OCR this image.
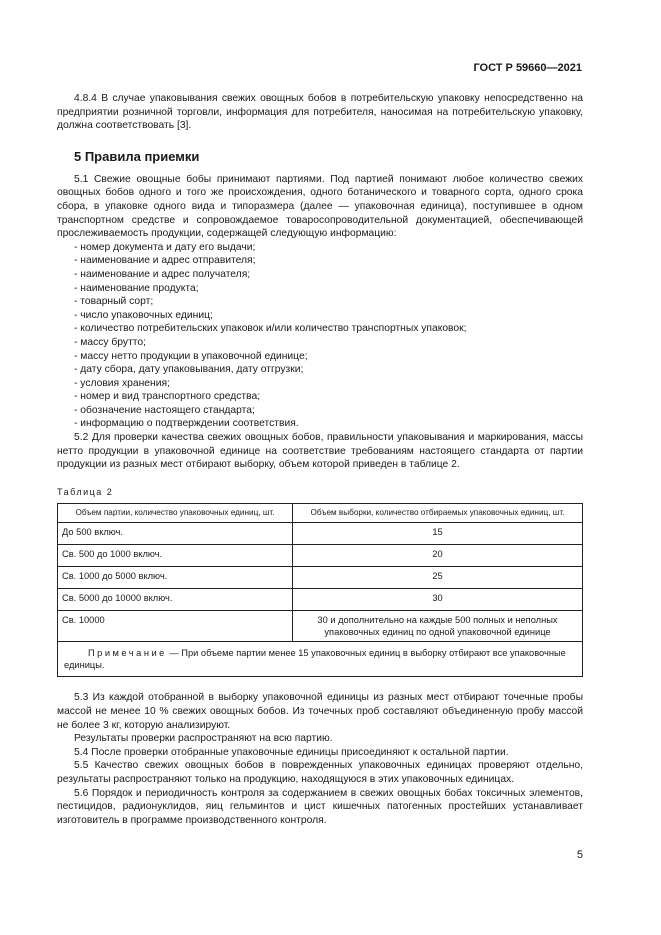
ГОСТ Р 59660—2021

4.8.4 В случае упаковывания свежих овощных бобов в потребительскую упаковку непосредственно на предприятии розничной торговли, информация для потребителя, наносимая на потребительскую упаковку, должна соответствовать [3].

5 Правила приемки

5.1 Свежие овощные бобы принимают партиями. Под партией понимают любое количество свежих овощных бобов одного и того же происхождения, одного ботанического и товарного сорта, одного срока сбора, в упаковке одного вида и типоразмера (далее — упаковочная единица), поступившее в одном транспортном средстве и сопровождаемое товаросопроводительной документацией, обеспечивающей прослеживаемость продукции, содержащей следующую информацию:

- номер документа и дату его выдачи;
- наименование и адрес отправителя;
- наименование и адрес получателя;
- наименование продукта;
- товарный сорт;
- число упаковочных единиц;
- количество потребительских упаковок и/или количество транспортных упаковок;
- массу брутто;
- массу нетто продукции в упаковочной единице;
- дату сбора, дату упаковывания, дату отгрузки;
- условия хранения;
- номер и вид транспортного средства;
- обозначение настоящего стандарта;
- информацию о подтверждении соответствия.

5.2 Для проверки качества свежих овощных бобов, правильности упаковывания и маркирования, массы нетто продукции в упаковочной единице на соответствие требованиям настоящего стандарта от партии продукции из разных мест отбирают выборку, объем которой приведен в таблице 2.

Таблица 2
Объем партии, количество упаковочных единиц, шт.	Объем выборки, количество отбираемых упаковочных единиц, шт.
До 500 включ.	15
Св. 500 до 1000 включ.	20
Св. 1000 до 5000 включ.	25
Св. 5000 до 10000 включ.	30
Св. 10000	30 и дополнительно на каждые 500 полных и неполных упаковочных единиц по одной упаковочной единице
Примечание — При объеме партии менее 15 упаковочных единиц в выборку отбирают все упаковочные единицы.	

5.3 Из каждой отобранной в выборку упаковочной единицы из разных мест отбирают точечные пробы массой не менее 10 % свежих овощных бобов. Из точечных проб составляют объединенную пробу массой не более 3 кг, которую анализируют.

Результаты проверки распространяют на всю партию.

5.4 После проверки отобранные упаковочные единицы присоединяют к остальной партии.

5.5 Качество свежих овощных бобов в поврежденных упаковочных единицах проверяют отдельно, результаты распространяют только на продукцию, находящуюся в этих упаковочных единицах.

5.6 Порядок и периодичность контроля за содержанием в свежих овощных бобах токсичных элементов, пестицидов, радионуклидов, яиц гельминтов и цист кишечных патогенных простейших устанавливает изготовитель в программе производственного контроля.

5
